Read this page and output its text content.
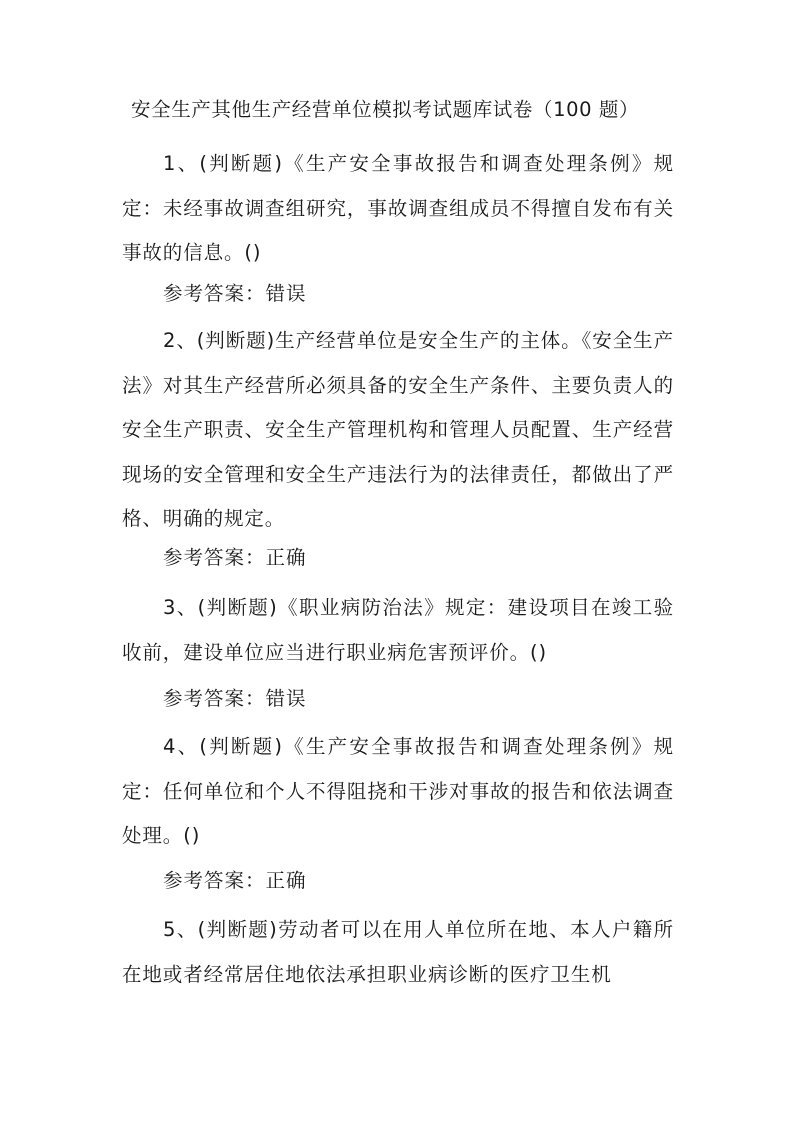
安全生产其他生产经营单位模拟考试题库试卷（100 题）

1、(判断题)《生产安全事故报告和调查处理条例》规定：未经事故调查组研究，事故调查组成员不得擅自发布有关事故的信息。()

参考答案：错误

2、(判断题)生产经营单位是安全生产的主体。《安全生产法》对其生产经营所必须具备的安全生产条件、主要负责人的安全生产职责、安全生产管理机构和管理人员配置、生产经营现场的安全管理和安全生产违法行为的法律责任，都做出了严格、明确的规定。

参考答案：正确

3、(判断题)《职业病防治法》规定：建设项目在竣工验收前，建设单位应当进行职业病危害预评价。()

参考答案：错误

4、(判断题)《生产安全事故报告和调查处理条例》规定：任何单位和个人不得阻挠和干涉对事故的报告和依法调查处理。()

参考答案：正确

5、(判断题)劳动者可以在用人单位所在地、本人户籍所在地或者经常居住地依法承担职业病诊断的医疗卫生机
